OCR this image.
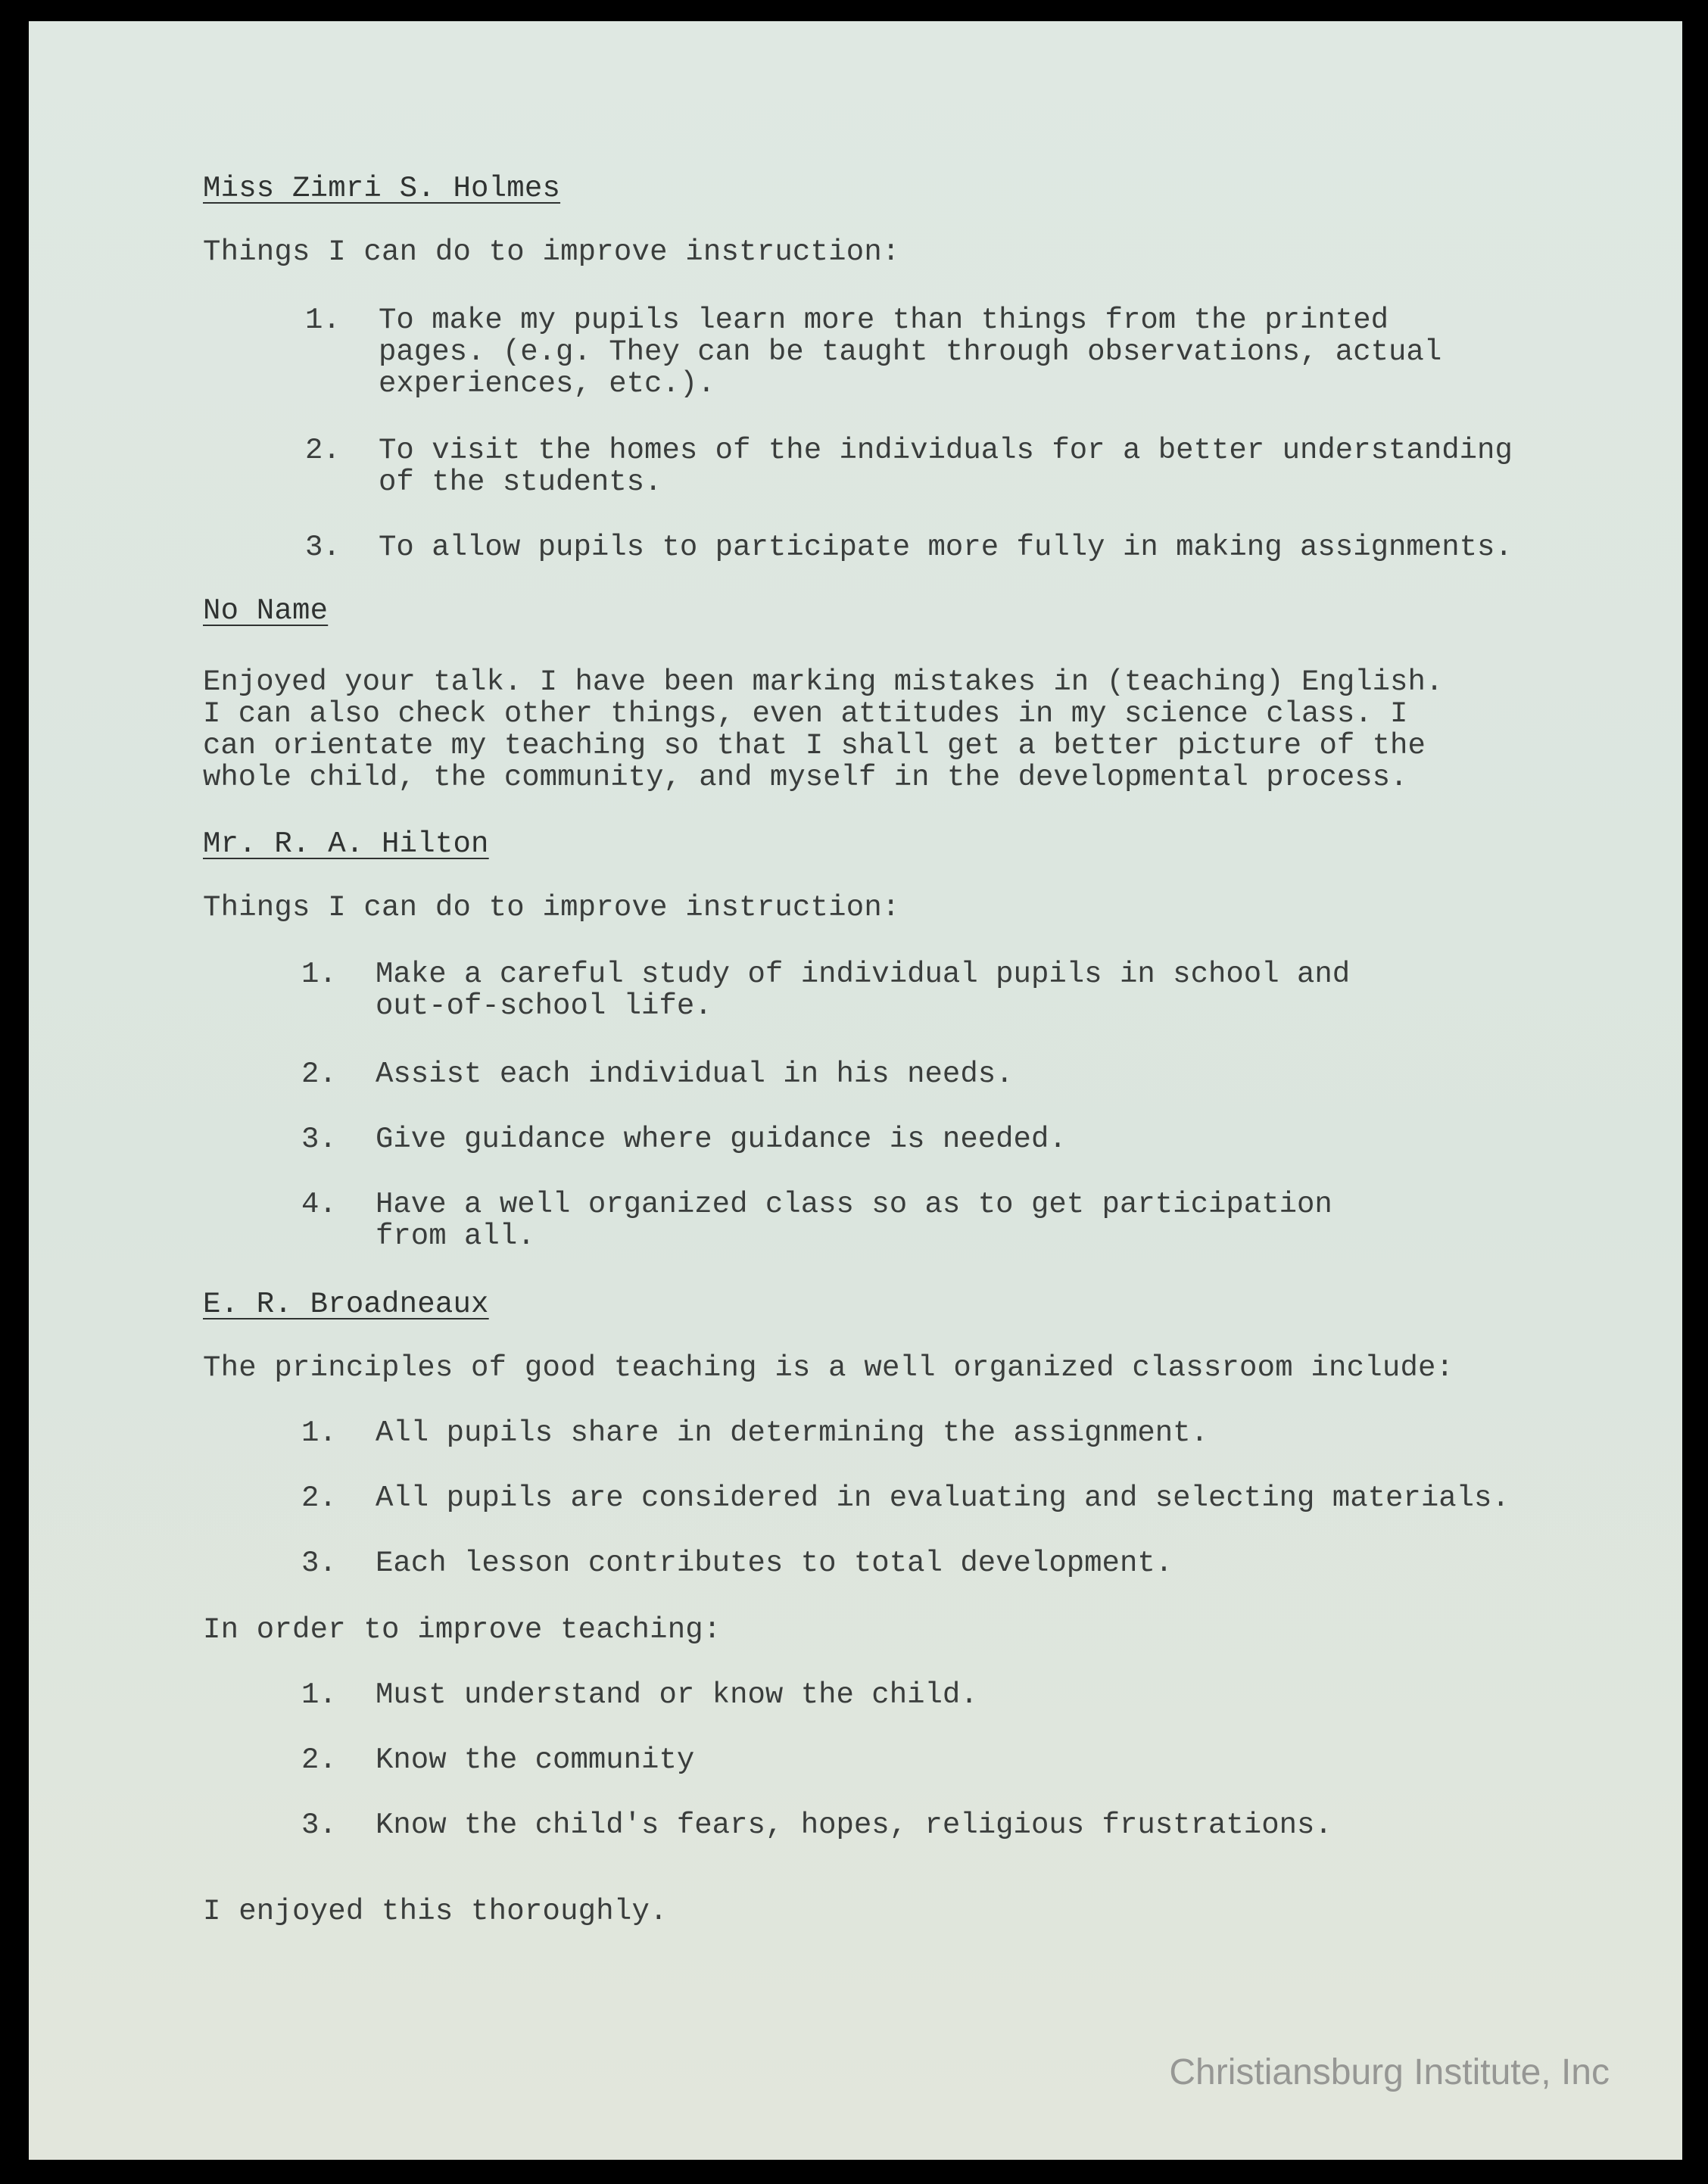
Miss Zimri S. Holmes
Things I can do to improve instruction:
1. To make my pupils learn more than things from the printed
pages. (e.g. They can be taught through observations, actual
experiences, etc.).
2. To visit the homes of the individuals for a better understanding
of the students.
3. To allow pupils to participate more fully in making assignments.
No Name
Enjoyed your talk. I have been marking mistakes in (teaching) English.
I can also check other things, even attitudes in my science class. I
can orientate my teaching so that I shall get a better picture of the
whole child, the community, and myself in the developmental process.
Mr. R. A. Hilton
Things I can do to improve instruction:
1. Make a careful study of individual pupils in school and
out-of-school life.
2. Assist each individual in his needs.
3. Give guidance where guidance is needed.
4. Have a well organized class so as to get participation
from all.
E. R. Broadneaux
The principles of good teaching is a well organized classroom include:
1. All pupils share in determining the assignment.
2. All pupils are considered in evaluating and selecting materials.
3. Each lesson contributes to total development.
In order to improve teaching:
1. Must understand or know the child.
2. Know the community
3. Know the child's fears, hopes, religious frustrations.
I enjoyed this thoroughly.
Christiansburg Institute, Inc
